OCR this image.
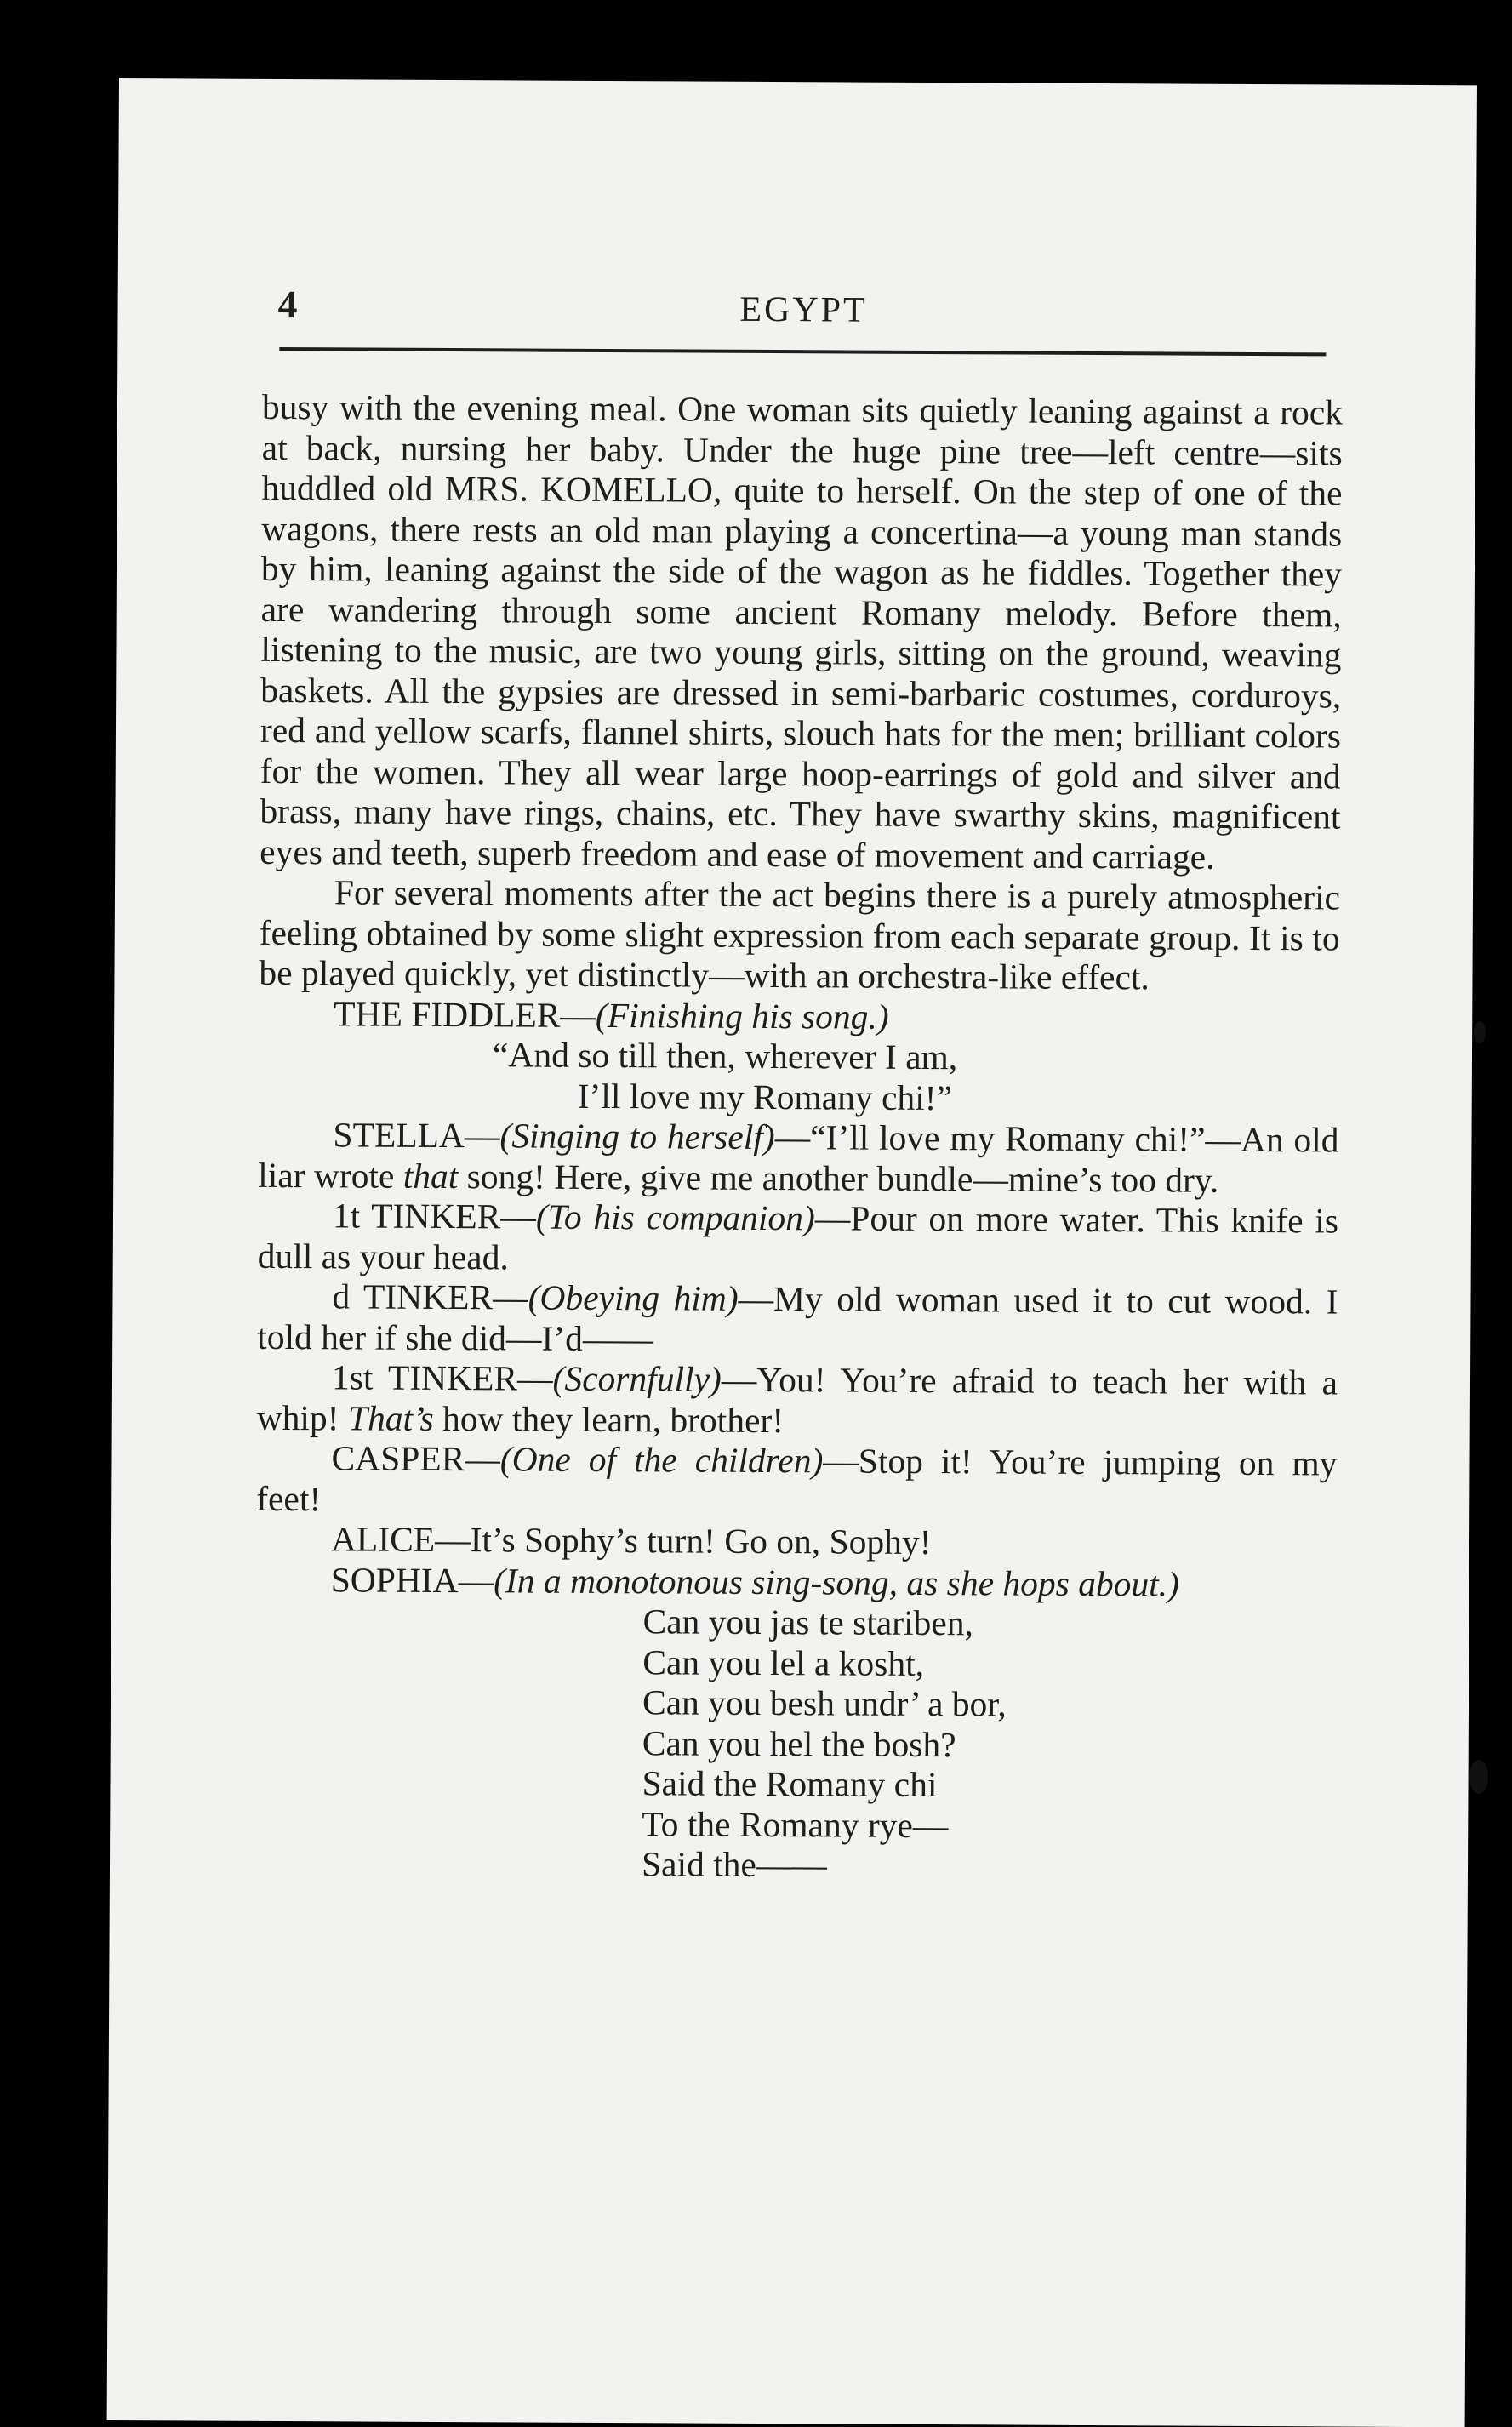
4	EGYPT

busy with the evening meal. One woman sits quietly leaning against a rock at back, nursing her baby. Under the huge pine tree—left centre—sits huddled old MRS. KOMELLO, quite to herself. On the step of one of the wagons, there rests an old man playing a concertina—a young man stands by him, leaning against the side of the wagon as he fiddles. Together they are wandering through some ancient Romany melody. Before them, listening to the music, are two young girls, sitting on the ground, weaving baskets. All the gypsies are dressed in semi-barbaric costumes, corduroys, red and yellow scarfs, flannel shirts, slouch hats for the men; brilliant colors for the women. They all wear large hoop-earrings of gold and silver and brass, many have rings, chains, etc. They have swarthy skins, magnificent eyes and teeth, superb freedom and ease of movement and carriage.

For several moments after the act begins there is a purely atmospheric feeling obtained by some slight expression from each separate group. It is to be played quickly, yet distinctly—with an orchestra-like effect.

THE FIDDLER—(Finishing his song.)

“And so till then, wherever I am,

I’ll love my Romany chi!”

STELLA—(Singing to herself)—“I’ll love my Romany chi!”—An old liar wrote that song! Here, give me another bundle—mine’s too dry.

1t TINKER—(To his companion)—Pour on more water. This knife is dull as your head.

d TINKER—(Obeying him)—My old woman used it to cut wood. I told her if she did—I’d——

1st TINKER—(Scornfully)—You! You’re afraid to teach her with a whip! That’s how they learn, brother!

CASPER—(One of the children)—Stop it! You’re jumping on my feet!

ALICE—It’s Sophy’s turn! Go on, Sophy!

SOPHIA—(In a monotonous sing-song, as she hops about.)

Can you jas te stariben,
Can you lel a kosht,
Can you besh undr’ a bor,
Can you hel the bosh?
Said the Romany chi
To the Romany rye—
Said the——
